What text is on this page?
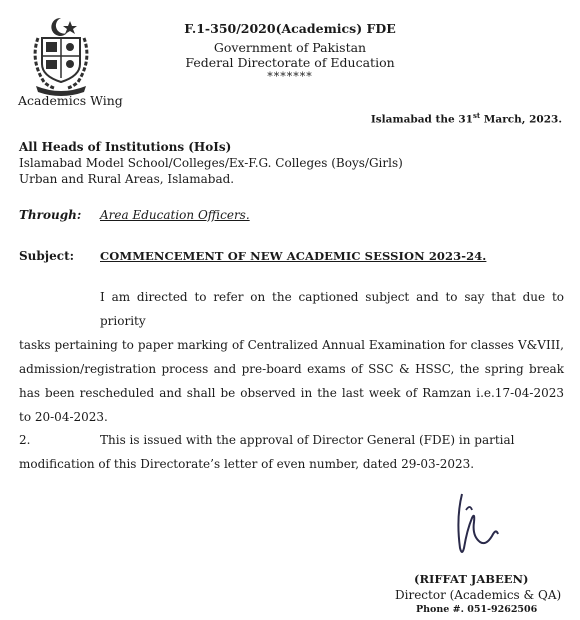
Academics Wing
F.1-350/2020(Academics) FDE
Government of Pakistan
Federal Directorate of Education
*******
Islamabad the 31st March, 2023.
All Heads of Institutions (HoIs)
Islamabad Model School/Colleges/Ex-F.G. Colleges (Boys/Girls)
Urban and Rural Areas, Islamabad.
Through: Area Education Officers.
Subject: COMMENCEMENT OF NEW ACADEMIC SESSION 2023-24.
I am directed to refer on the captioned subject and to say that due to priority
tasks pertaining to paper marking of Centralized Annual Examination for classes V&VIII, admission/registration process and pre-board exams of SSC & HSSC, the spring break has been rescheduled and shall be observed in the last week of Ramzan i.e.17-04-2023 to 20-04-2023.
2.	This is issued with the approval of Director General (FDE) in partial
modification of this Directorate’s letter of even number, dated 29-03-2023.
(RIFFAT JABEEN)
Director (Academics & QA)
Phone #. 051-9262506
